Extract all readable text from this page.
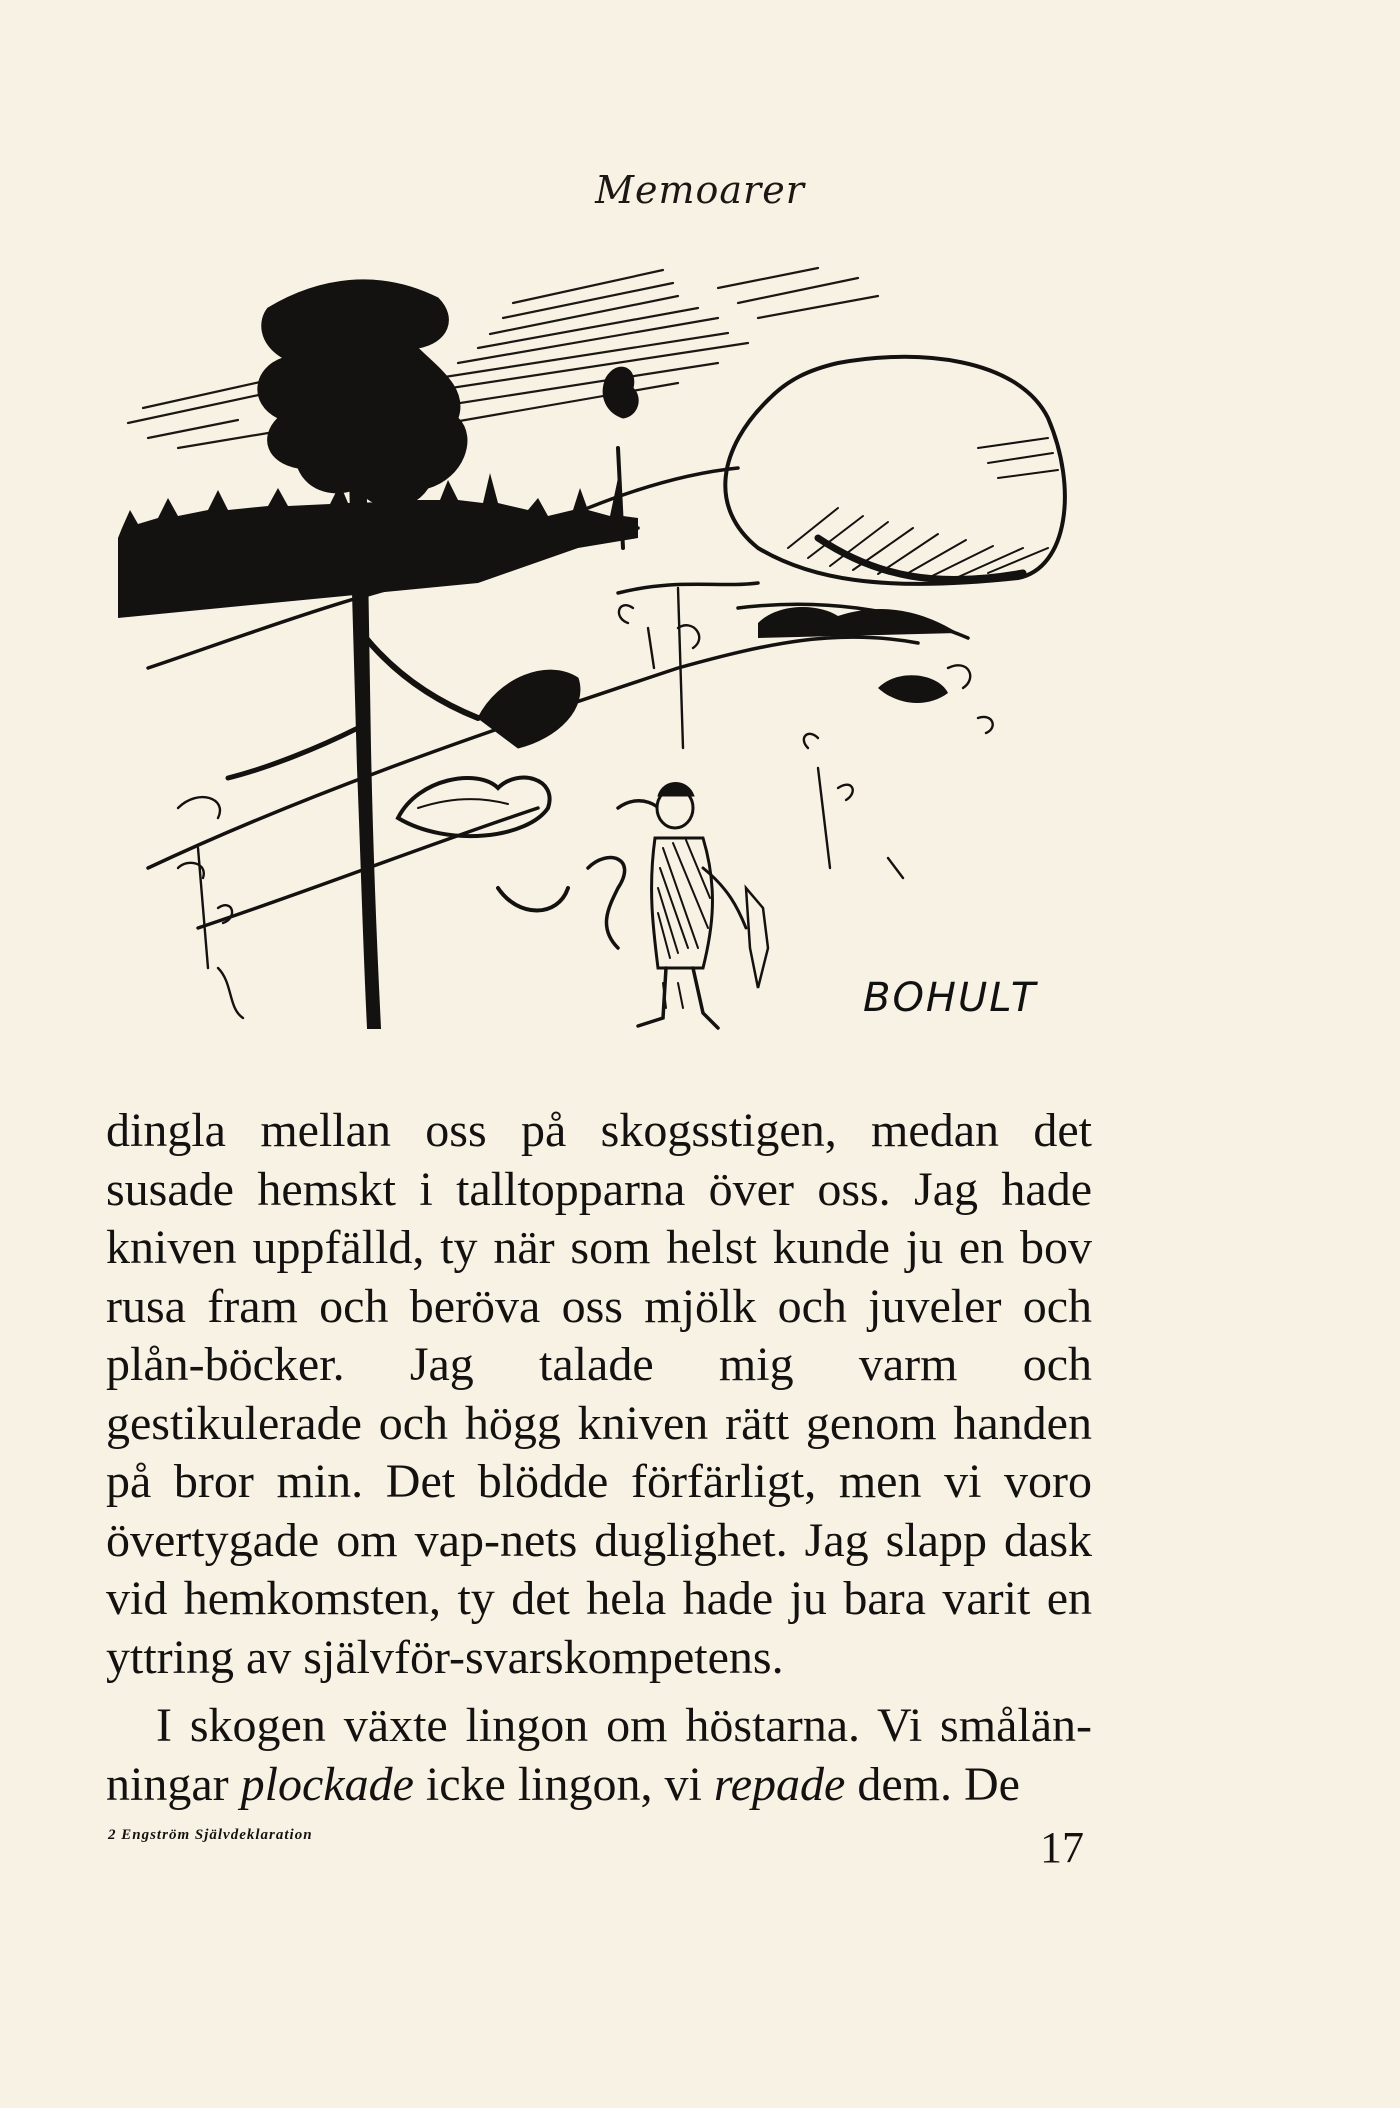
Memoarer
BOHULT

dingla mellan oss på skogsstigen, medan det susade hemskt i talltopparna över oss. Jag hade kniven uppfälld, ty när som helst kunde ju en bov rusa fram och beröva oss mjölk och juveler och plån-böcker. Jag talade mig varm och gestikulerade och högg kniven rätt genom handen på bror min. Det blödde förfärligt, men vi voro övertygade om vap-nets duglighet. Jag slapp dask vid hemkomsten, ty det hela hade ju bara varit en yttring av självför-svarskompetens.

I skogen växte lingon om höstarna. Vi smålän-ningar plockade icke lingon, vi repade dem. De

2 Engström Självdeklaration	17
